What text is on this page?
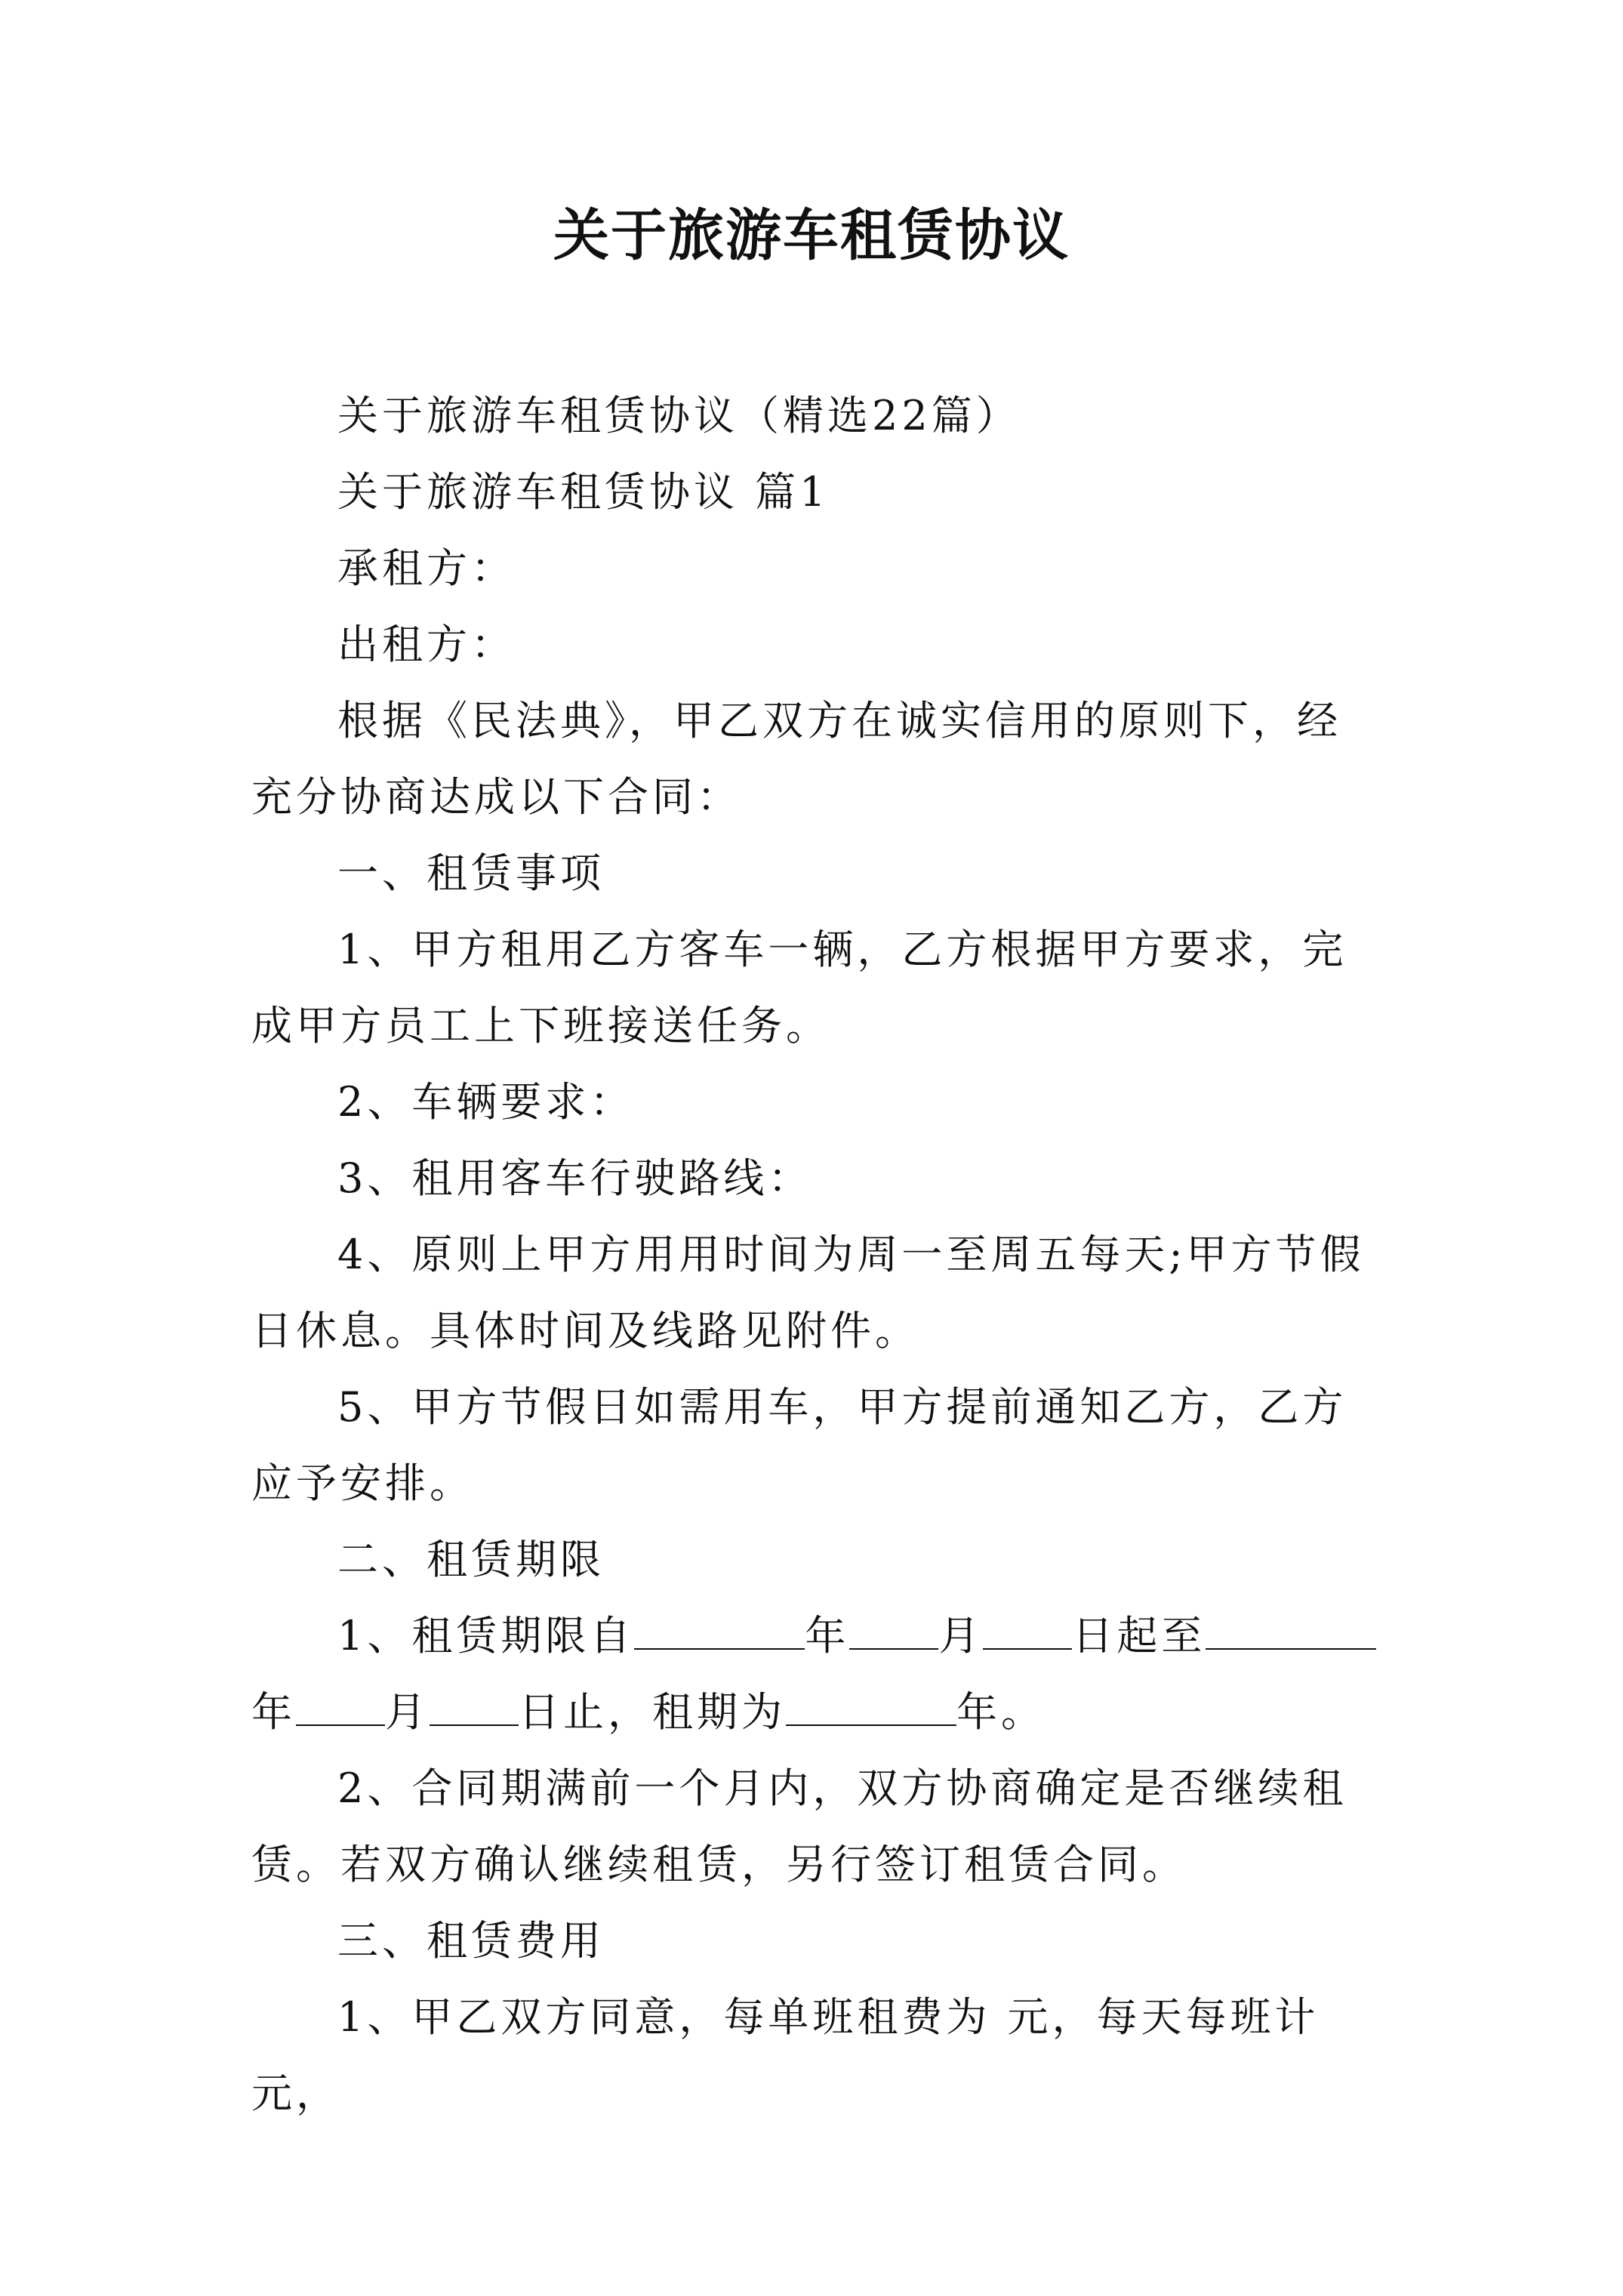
关于旅游车租赁协议

关于旅游车租赁协议（精选22篇）

关于旅游车租赁协议 篇1

承租方：

出租方：

根据《民法典》，甲乙双方在诚实信用的原则下，经充分协商达成以下合同：

一、租赁事项

1、甲方租用乙方客车一辆，乙方根据甲方要求，完成甲方员工上下班接送任务。

2、车辆要求：

3、租用客车行驶路线：

4、原则上甲方用用时间为周一至周五每天;甲方节假日休息。具体时间及线路见附件。

5、甲方节假日如需用车，甲方提前通知乙方，乙方应予安排。

二、租赁期限

1、租赁期限自	年 月 日起至年 月 日止，租期为	年。

2、合同期满前一个月内，双方协商确定是否继续租赁。若双方确认继续租赁，另行签订租赁合同。

三、租赁费用

1、甲乙双方同意，每单班租费为 元，每天每班计 元，
